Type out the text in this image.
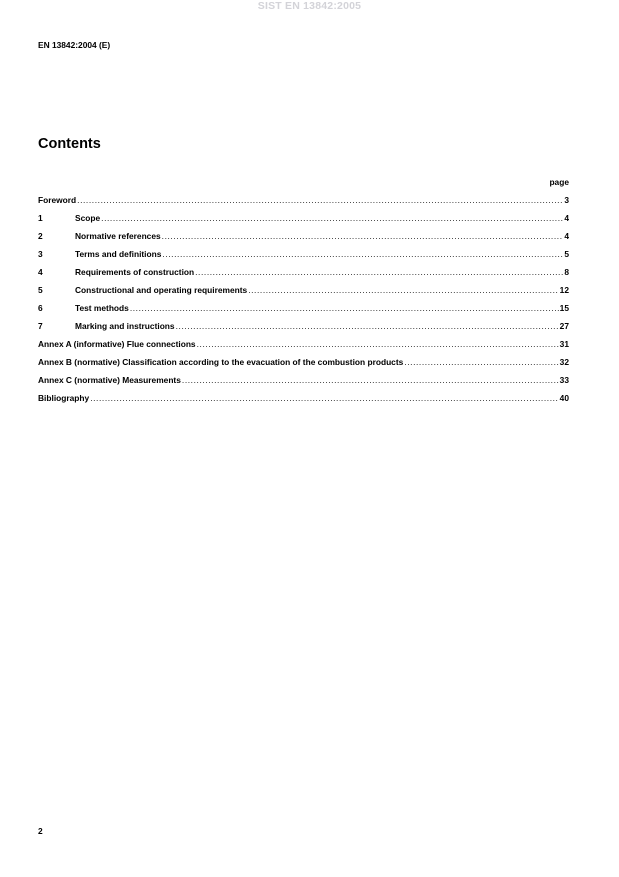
SIST EN 13842:2005
EN 13842:2004 (E)
Contents
page
Foreword .....	3
1	Scope .....	4
2	Normative references .....	4
3	Terms and definitions .....	5
4	Requirements of construction .....	8
5	Constructional and operating requirements .....	12
6	Test methods .....	15
7	Marking and instructions .....	27
Annex A (informative) Flue connections .....	31
Annex B (normative) Classification according to the evacuation of the combustion products .....	32
Annex C (normative) Measurements .....	33
Bibliography .....	40
2
